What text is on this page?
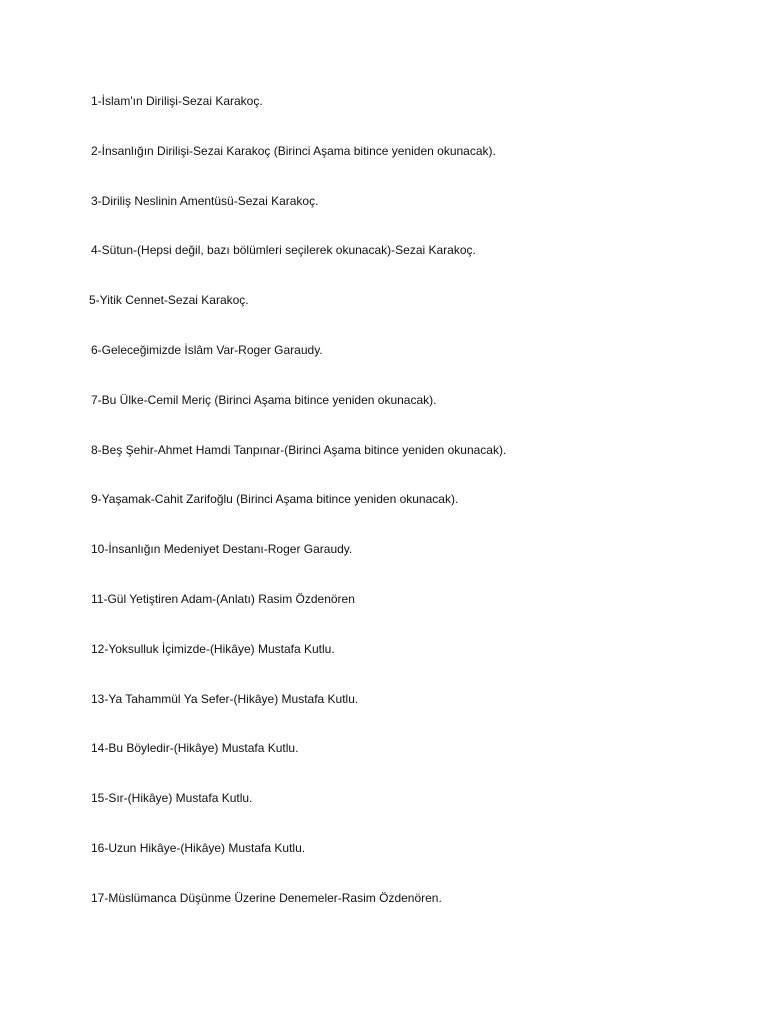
1-İslam'ın Dirilişi-Sezai Karakoç.
2-İnsanlığın Dirilişi-Sezai Karakoç (Birinci Aşama bitince yeniden okunacak).
3-Diriliş Neslinin Amentüsü-Sezai Karakoç.
4-Sütun-(Hepsi değil, bazı bölümleri seçilerek okunacak)-Sezai Karakoç.
5-Yitik Cennet-Sezai Karakoç.
6-Geleceğimizde İslâm Var-Roger Garaudy.
7-Bu Ülke-Cemil Meriç (Birinci Aşama bitince yeniden okunacak).
8-Beş Şehir-Ahmet Hamdi Tanpınar-(Birinci Aşama bitince yeniden okunacak).
9-Yaşamak-Cahit Zarifoğlu (Birinci Aşama bitince yeniden okunacak).
10-İnsanlığın Medeniyet Destanı-Roger Garaudy.
11-Gül Yetiştiren Adam-(Anlatı) Rasim Özdenören
12-Yoksulluk İçimizde-(Hikâye) Mustafa Kutlu.
13-Ya Tahammül Ya Sefer-(Hikâye) Mustafa Kutlu.
14-Bu Böyledir-(Hikâye) Mustafa Kutlu.
15-Sır-(Hikâye) Mustafa Kutlu.
16-Uzun Hikâye-(Hikâye) Mustafa Kutlu.
17-Müslümanca Düşünme Üzerine Denemeler-Rasim Özdenören.
